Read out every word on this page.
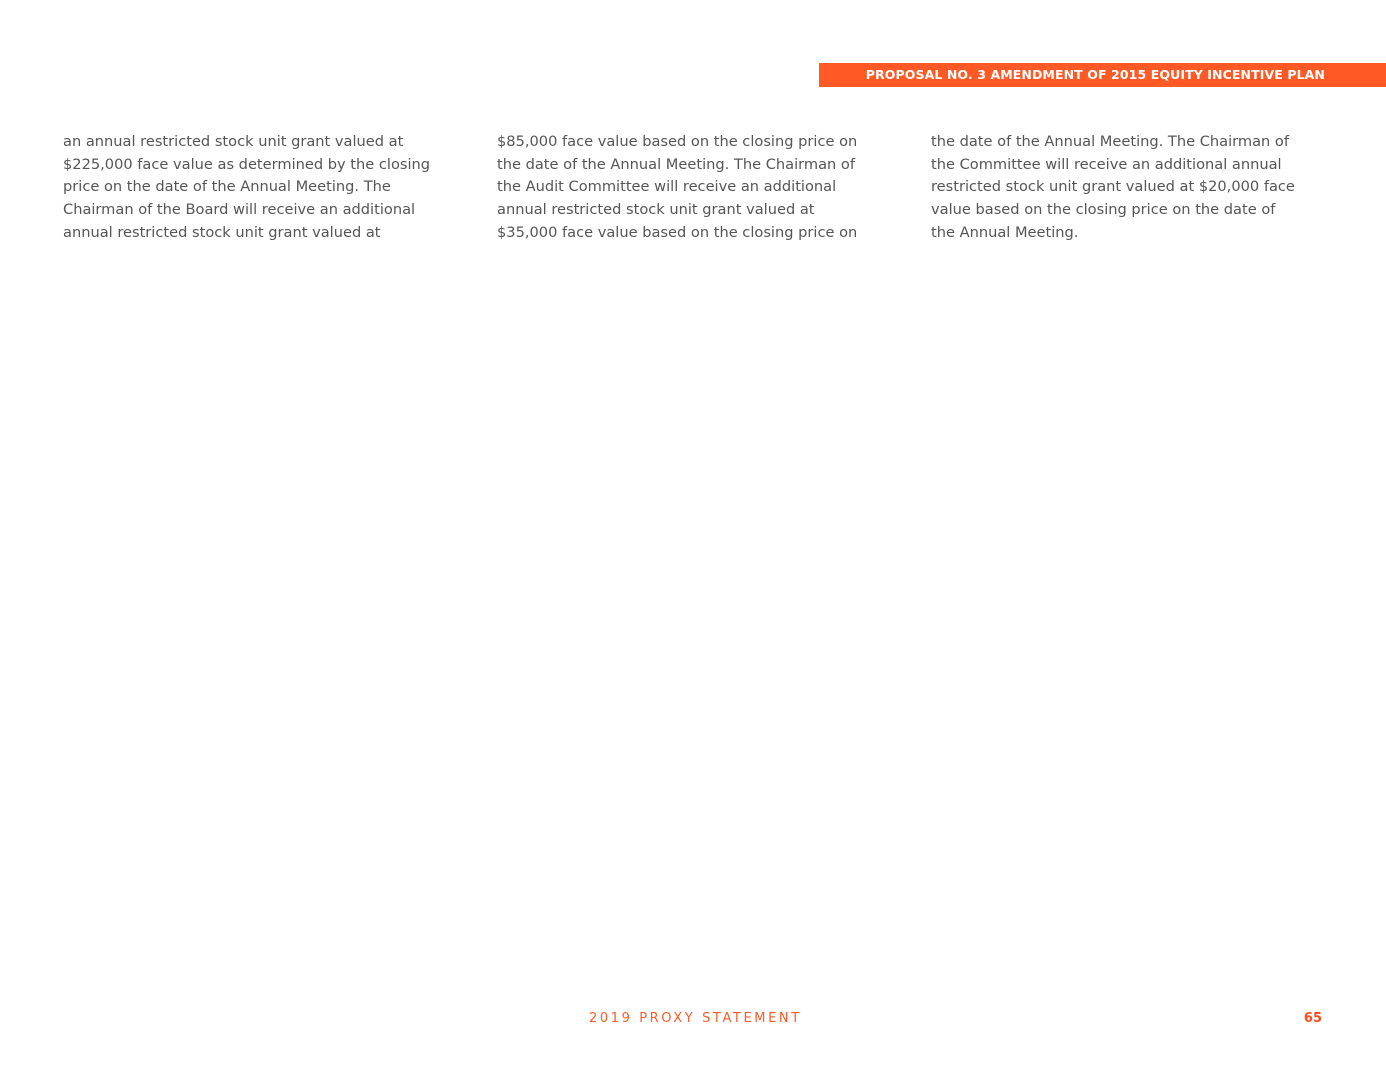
PROPOSAL NO. 3 AMENDMENT OF 2015 EQUITY INCENTIVE PLAN
an annual restricted stock unit grant valued at
$225,000 face value as determined by the closing
price on the date of the Annual Meeting. The
Chairman of the Board will receive an additional
annual restricted stock unit grant valued at
$85,000 face value based on the closing price on
the date of the Annual Meeting. The Chairman of
the Audit Committee will receive an additional
annual restricted stock unit grant valued at
$35,000 face value based on the closing price on
the date of the Annual Meeting. The Chairman of
the Committee will receive an additional annual
restricted stock unit grant valued at $20,000 face
value based on the closing price on the date of
the Annual Meeting.
2019 PROXY STATEMENT	65
